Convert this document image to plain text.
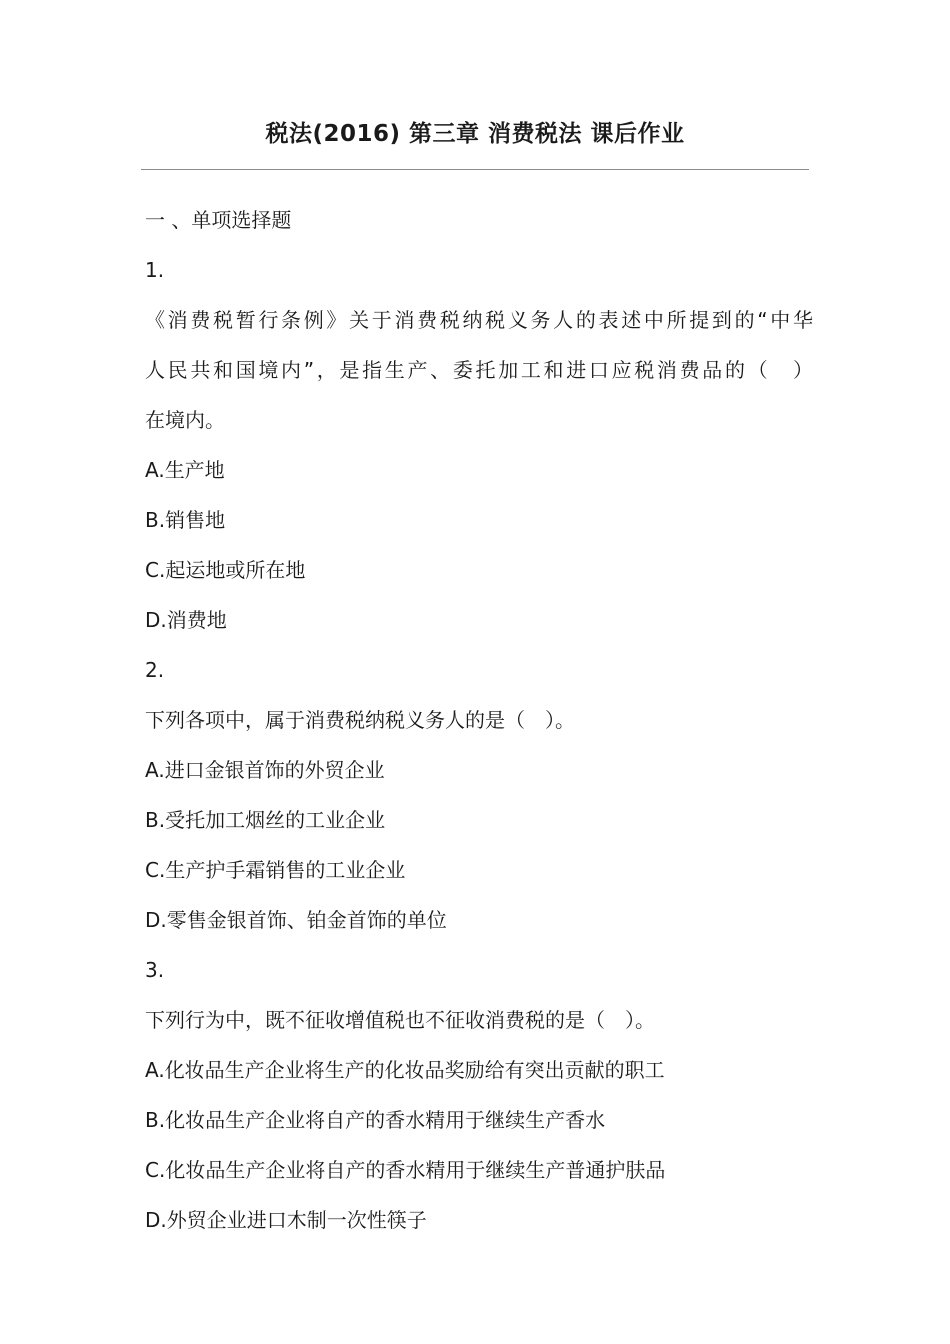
税法(2016) 第三章 消费税法 课后作业

一 、单项选择题

1.

《消费税暂行条例》关于消费税纳税义务人的表述中所提到的“中华

人民共和国境内”，是指生产、委托加工和进口应税消费品的（　）

在境内。

A.生产地

B.销售地

C.起运地或所在地

D.消费地

2.

下列各项中，属于消费税纳税义务人的是（　）。

A.进口金银首饰的外贸企业

B.受托加工烟丝的工业企业

C.生产护手霜销售的工业企业

D.零售金银首饰、铂金首饰的单位

3.

下列行为中，既不征收增值税也不征收消费税的是（　）。

A.化妆品生产企业将生产的化妆品奖励给有突出贡献的职工

B.化妆品生产企业将自产的香水精用于继续生产香水

C.化妆品生产企业将自产的香水精用于继续生产普通护肤品

D.外贸企业进口木制一次性筷子
